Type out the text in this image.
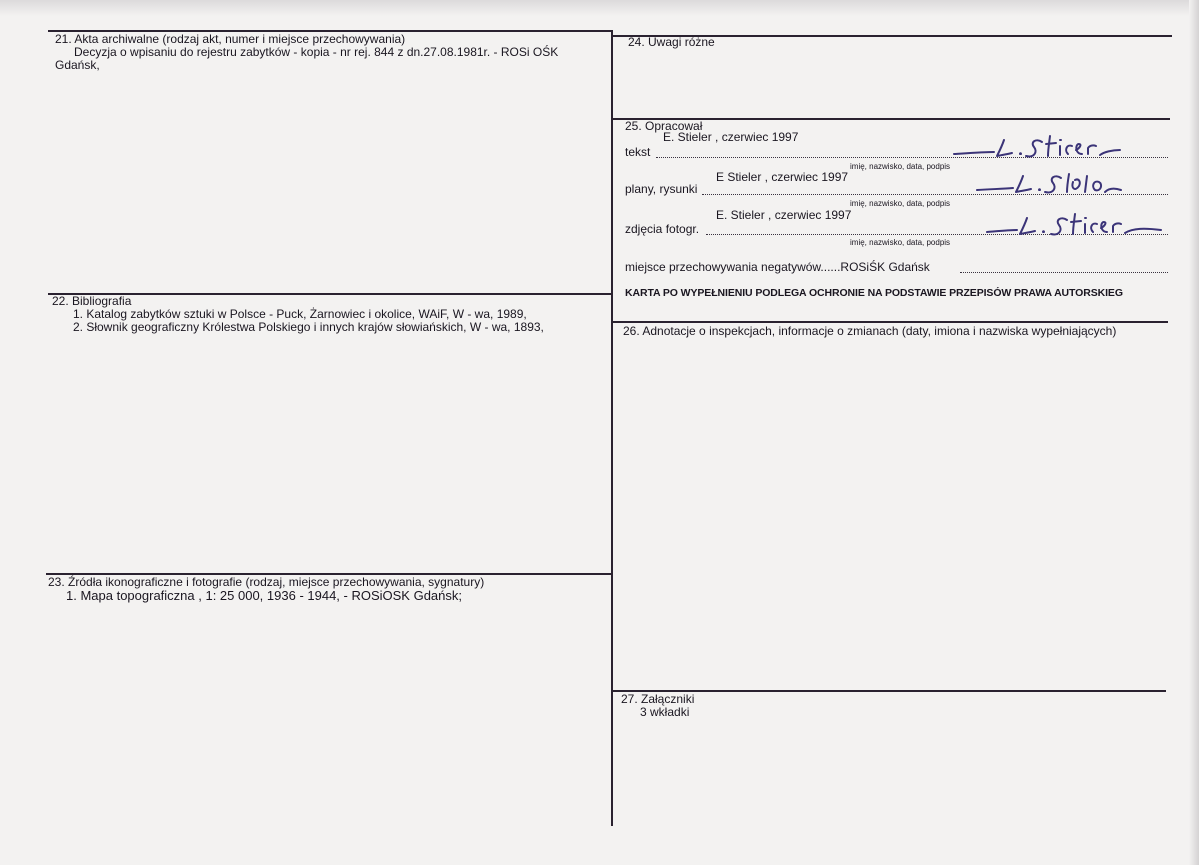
21. Akta archiwalne (rodzaj akt, numer i miejsce przechowywania)
Decyzja o wpisaniu do rejestru zabytków - kopia - nr rej. 844 z dn.27.08.1981r. - ROSi OŚK
Gdańsk,
22. Bibliografia
1. Katalog zabytków sztuki w Polsce - Puck, Żarnowiec i okolice, WAiF, W - wa, 1989,
2. Słownik geograficzny Królestwa Polskiego i innych krajów słowiańskich, W - wa, 1893,
23. Źródła ikonograficzne i fotografie (rodzaj, miejsce przechowywania, sygnatury)
1. Mapa topograficzna , 1: 25 000, 1936 - 1944, - ROSiOSK Gdańsk;
24. Uwagi różne
25. Opracował
E. Stieler , czerwiec 1997
tekst
imię, nazwisko, data, podpis
E Stieler , czerwiec 1997
plany, rysunki
imię, nazwisko, data, podpis
E. Stieler , czerwiec 1997
zdjęcia fotogr.
imię, nazwisko, data, podpis
miejsce przechowywania negatywów......ROSiŚK Gdańsk
KARTA PO WYPEŁNIENIU PODLEGA OCHRONIE NA PODSTAWIE PRZEPISÓW PRAWA AUTORSKIEG
26. Adnotacje o inspekcjach, informacje o zmianach (daty, imiona i nazwiska wypełniających)
27. Załączniki
3 wkładki
